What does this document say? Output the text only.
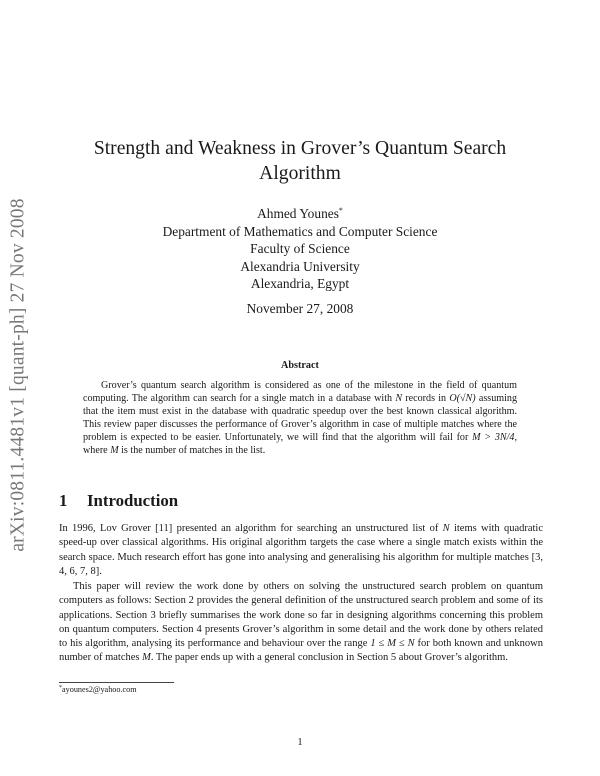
arXiv:0811.4481v1 [quant-ph] 27 Nov 2008
Strength and Weakness in Grover’s Quantum Search
Algorithm
Ahmed Younes*
Department of Mathematics and Computer Science
Faculty of Science
Alexandria University
Alexandria, Egypt
November 27, 2008
Abstract

Grover’s quantum search algorithm is considered as one of the milestone in the field of quantum computing. The algorithm can search for a single match in a database with N records in O(√N) assuming that the item must exist in the database with quadratic speedup over the best known classical algorithm. This review paper discusses the performance of Grover’s algorithm in case of multiple matches where the problem is expected to be easier. Unfortunately, we will find that the algorithm will fail for M > 3N/4, where M is the number of matches in the list.

1 Introduction

In 1996, Lov Grover [11] presented an algorithm for searching an unstructured list of N items with quadratic speed-up over classical algorithms. His original algorithm targets the case where a single match exists within the search space. Much research effort has gone into analysing and generalising his algorithm for multiple matches [3, 4, 6, 7, 8].

This paper will review the work done by others on solving the unstructured search problem on quantum computers as follows: Section 2 provides the general definition of the unstructured search problem and some of its applications. Section 3 briefly summarises the work done so far in designing algorithms concerning this problem on quantum computers. Section 4 presents Grover’s algorithm in some detail and the work done by others related to his algorithm, analysing its performance and behaviour over the range 1 ≤ M ≤ N for both known and unknown number of matches M. The paper ends up with a general conclusion in Section 5 about Grover’s algorithm.

*ayounes2@yahoo.com

1
